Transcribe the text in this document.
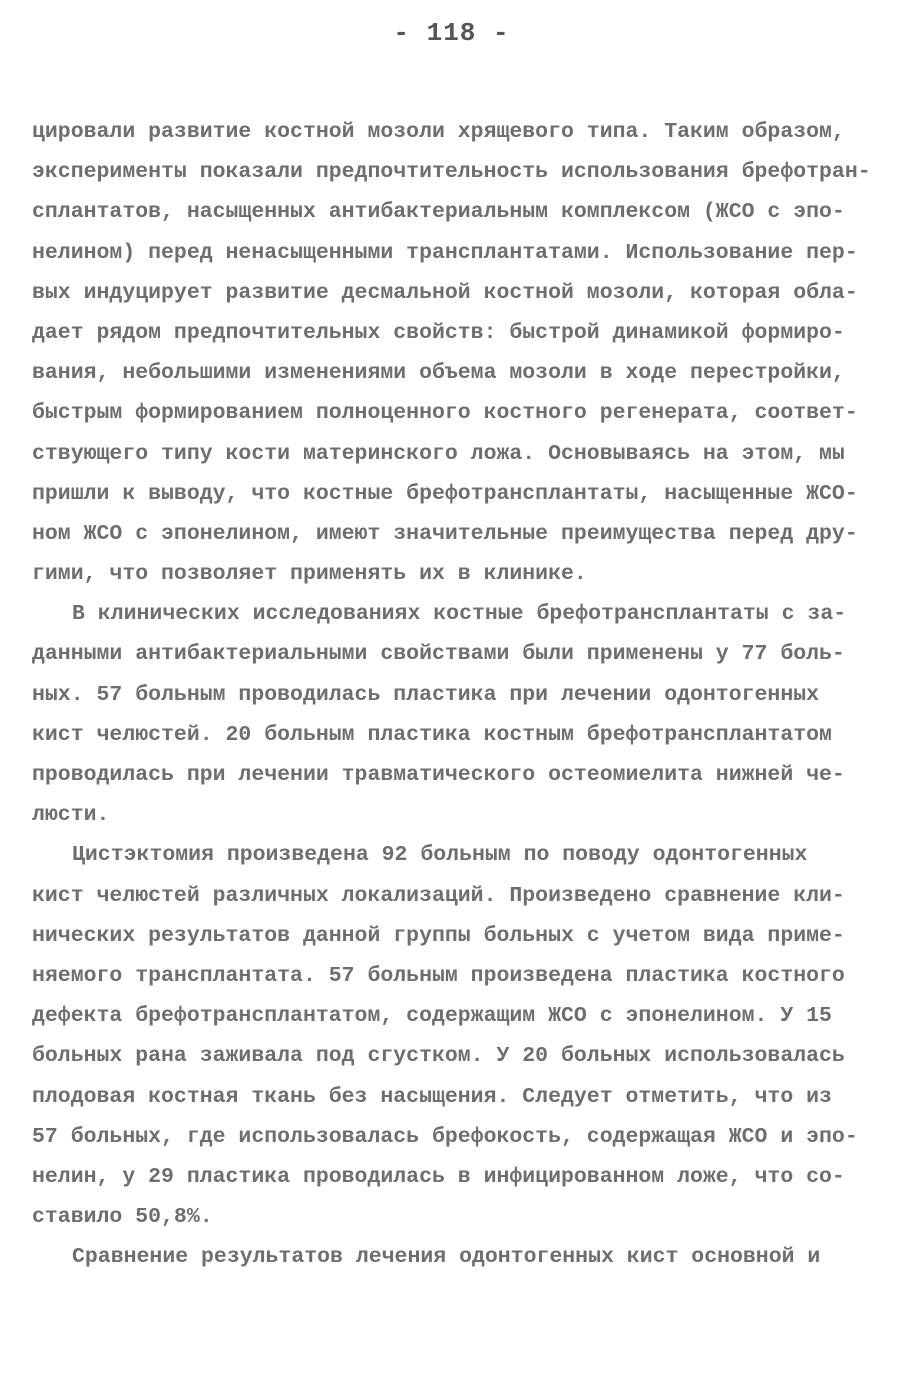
- 118 -
цировали развитие костной мозоли хрящевого типа. Таким образом,
эксперименты показали предпочтительность использования брефотран-
сплантатов, насыщенных антибактериальным комплексом (ЖСО с эпо-
нелином) перед ненасыщенными трансплантатами. Использование пер-
вых индуцирует развитие десмальной костной мозоли, которая обла-
дает рядом предпочтительных свойств: быстрой динамикой формиро-
вания, небольшими изменениями объема мозоли в ходе перестройки,
быстрым формированием полноценного костного регенерата, соответ-
ствующего типу кости материнского ложа. Основываясь на этом, мы
пришли к выводу, что костные брефотрансплантаты, насыщенные ЖСО-
ном ЖСО с эпонелином, имеют значительные преимущества перед дру-
гими, что позволяет применять их в клинике.
В клинических исследованиях костные брефотрансплантаты с за-
данными антибактериальными свойствами были применены у 77 боль-
ных. 57 больным проводилась пластика при лечении одонтогенных
кист челюстей. 20 больным пластика костным брефотрансплантатом
проводилась при лечении травматического остеомиелита нижней че-
люсти.
Цистэктомия произведена 92 больным по поводу одонтогенных
кист челюстей различных локализаций. Произведено сравнение кли-
нических результатов данной группы больных с учетом вида приме-
няемого трансплантата. 57 больным произведена пластика костного
дефекта брефотрансплантатом, содержащим ЖСО с эпонелином. У 15
больных рана заживала под сгустком. У 20 больных использовалась
плодовая костная ткань без насыщения. Следует отметить, что из
57 больных, где использовалась брефокость, содержащая ЖСО и эпо-
нелин, у 29 пластика проводилась в инфицированном ложе, что со-
ставило 50,8%.
Сравнение результатов лечения одонтогенных кист основной и
